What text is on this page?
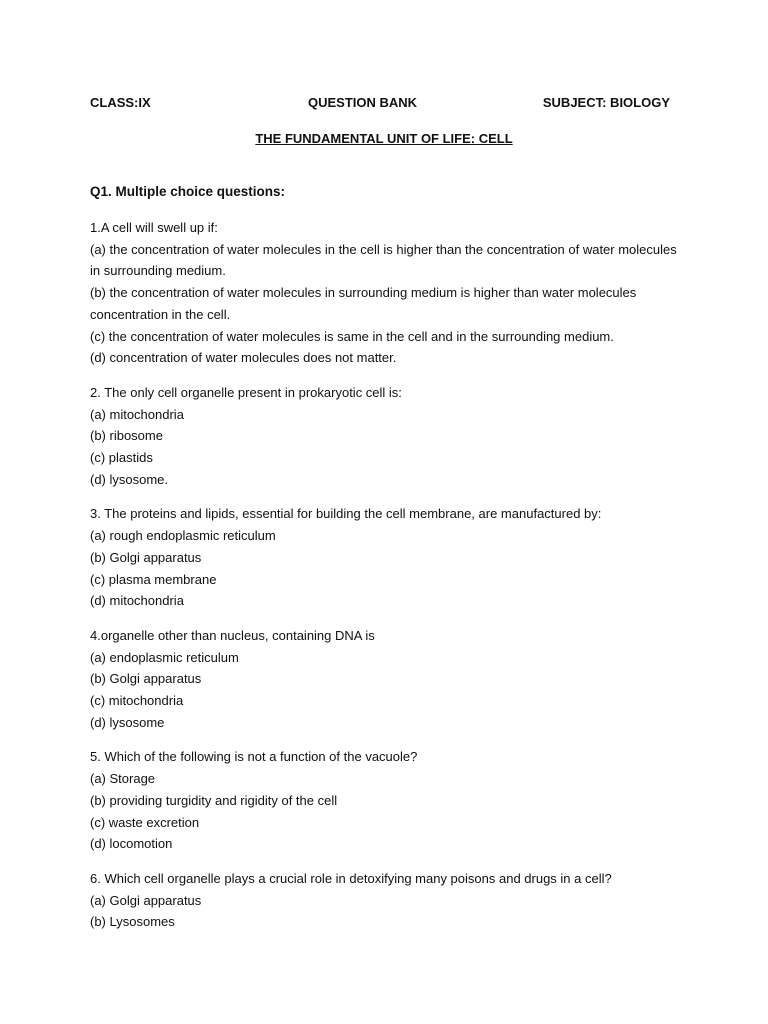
CLASS:IX	QUESTION BANK	SUBJECT: BIOLOGY
THE FUNDAMENTAL UNIT OF LIFE: CELL
Q1. Multiple choice questions:
1.A cell will swell up if:
(a) the concentration of water molecules in the cell is higher than the concentration of water molecules in surrounding medium.
(b) the concentration of water molecules in surrounding medium is higher than water molecules concentration in the cell.
(c) the concentration of water molecules is same in the cell and in the surrounding medium.
(d) concentration of water molecules does not matter.
2. The only cell organelle present in prokaryotic cell is:
(a) mitochondria
(b) ribosome
(c) plastids
(d) lysosome.
3. The proteins and lipids, essential for building the cell membrane, are manufactured by:
(a) rough endoplasmic reticulum
(b) Golgi apparatus
(c) plasma membrane
(d) mitochondria
4.organelle other than nucleus, containing DNA is
(a) endoplasmic reticulum
(b) Golgi apparatus
(c) mitochondria
(d) lysosome
5. Which of the following is not a function of the vacuole?
(a) Storage
(b) providing turgidity and rigidity of the cell
(c) waste excretion
(d) locomotion
6. Which cell organelle plays a crucial role in detoxifying many poisons and drugs in a cell?
(a) Golgi apparatus
(b) Lysosomes
